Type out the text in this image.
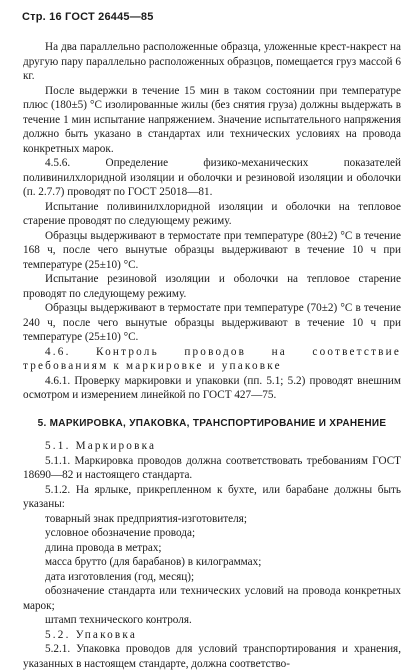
Стр. 16 ГОСТ 26445—85

На два параллельно расположенные образца, уложенные крест-накрест на другую пару параллельно расположенных образцов, помещается груз массой 6 кг.

После выдержки в течение 15 мин в таком состоянии при температуре плюс (180±5) °С изолированные жилы (без снятия груза) должны выдержать в течение 1 мин испытание напряжением. Значение испытательного напряжения должно быть указано в стандартах или технических условиях на провода конкретных марок.

4.5.6. Определение физико-механических показателей поливинилхлоридной изоляции и оболочки и резиновой изоляции и оболочки (п. 2.7.7) проводят по ГОСТ 25018—81.

Испытание поливинилхлоридной изоляции и оболочки на тепловое старение проводят по следующему режиму.

Образцы выдерживают в термостате при температуре (80±2) °С в течение 168 ч, после чего вынутые образцы выдерживают в течение 10 ч при температуре (25±10) °С.

Испытание резиновой изоляции и оболочки на тепловое старение проводят по следующему режиму.

Образцы выдерживают в термостате при температуре (70±2) °С в течение 240 ч, после чего вынутые образцы выдерживают в течение 10 ч при температуре (25±10) °С.

4.6. Контроль проводов на соответствие требованиям к маркировке и упаковке

4.6.1. Проверку маркировки и упаковки (пп. 5.1; 5.2) проводят внешним осмотром и измерением линейкой по ГОСТ 427—75.

5. МАРКИРОВКА, УПАКОВКА, ТРАНСПОРТИРОВАНИЕ И ХРАНЕНИЕ

5.1. Маркировка

5.1.1. Маркировка проводов должна соответствовать требованиям ГОСТ 18690—82 и настоящего стандарта.

5.1.2. На ярлыке, прикрепленном к бухте, или барабане должны быть указаны:

товарный знак предприятия-изготовителя;

условное обозначение провода;

длина провода в метрах;

масса брутто (для барабанов) в килограммах;

дата изготовления (год, месяц);

обозначение стандарта или технических условий на провода конкретных марок;

штамп технического контроля.

5.2. Упаковка

5.2.1. Упаковка проводов для условий транспортирования и хранения, указанных в настоящем стандарте, должна соответство-
